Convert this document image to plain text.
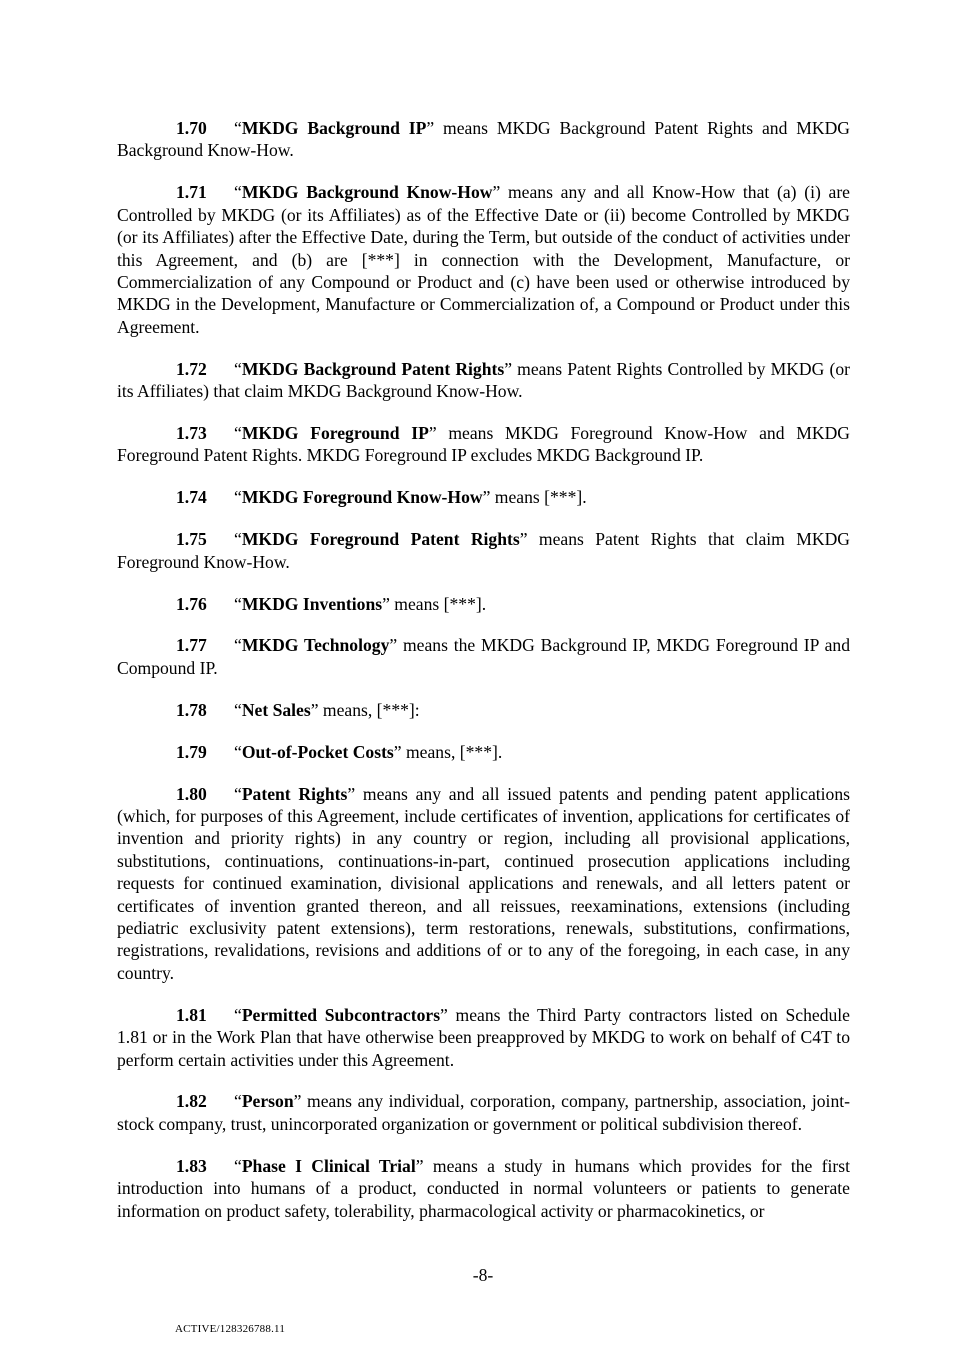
1.70 “MKDG Background IP” means MKDG Background Patent Rights and MKDG Background Know-How.

1.71 “MKDG Background Know-How” means any and all Know-How that (a) (i) are Controlled by MKDG (or its Affiliates) as of the Effective Date or (ii) become Controlled by MKDG (or its Affiliates) after the Effective Date, during the Term, but outside of the conduct of activities under this Agreement, and (b) are [***] in connection with the Development, Manufacture, or Commercialization of any Compound or Product and (c) have been used or otherwise introduced by MKDG in the Development, Manufacture or Commercialization of, a Compound or Product under this Agreement.

1.72 “MKDG Background Patent Rights” means Patent Rights Controlled by MKDG (or its Affiliates) that claim MKDG Background Know-How.

1.73 “MKDG Foreground IP” means MKDG Foreground Know-How and MKDG Foreground Patent Rights. MKDG Foreground IP excludes MKDG Background IP.

1.74 “MKDG Foreground Know-How” means [***].

1.75 “MKDG Foreground Patent Rights” means Patent Rights that claim MKDG Foreground Know-How.

1.76 “MKDG Inventions” means [***].

1.77 “MKDG Technology” means the MKDG Background IP, MKDG Foreground IP and Compound IP.

1.78 “Net Sales” means, [***]:

1.79 “Out-of-Pocket Costs” means, [***].

1.80 “Patent Rights” means any and all issued patents and pending patent applications (which, for purposes of this Agreement, include certificates of invention, applications for certificates of invention and priority rights) in any country or region, including all provisional applications, substitutions, continuations, continuations-in-part, continued prosecution applications including requests for continued examination, divisional applications and renewals, and all letters patent or certificates of invention granted thereon, and all reissues, reexaminations, extensions (including pediatric exclusivity patent extensions), term restorations, renewals, substitutions, confirmations, registrations, revalidations, revisions and additions of or to any of the foregoing, in each case, in any country.

1.81 “Permitted Subcontractors” means the Third Party contractors listed on Schedule 1.81 or in the Work Plan that have otherwise been preapproved by MKDG to work on behalf of C4T to perform certain activities under this Agreement.

1.82 “Person” means any individual, corporation, company, partnership, association, joint-stock company, trust, unincorporated organization or government or political subdivision thereof.

1.83 “Phase I Clinical Trial” means a study in humans which provides for the first introduction into humans of a product, conducted in normal volunteers or patients to generate information on product safety, tolerability, pharmacological activity or pharmacokinetics, or

-8-
ACTIVE/128326788.11
